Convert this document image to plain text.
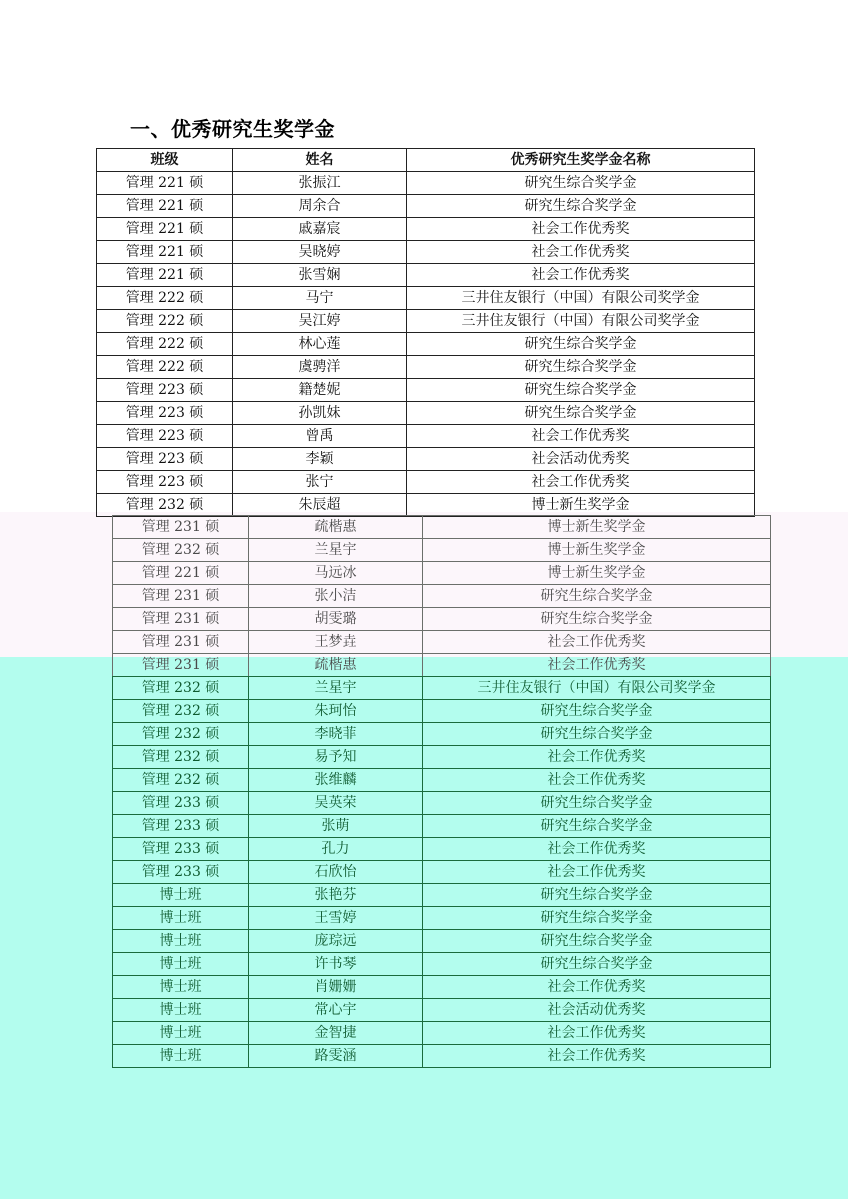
一、优秀研究生奖学金
班级	姓名	优秀研究生奖学金名称
管理 221 硕	张振江	研究生综合奖学金
管理 221 硕	周余合	研究生综合奖学金
管理 221 硕	戚嘉宸	社会工作优秀奖
管理 221 硕	吴晓婷	社会工作优秀奖
管理 221 硕	张雪娴	社会工作优秀奖
管理 222 硕	马宁	三井住友银行（中国）有限公司奖学金
管理 222 硕	吴江婷	三井住友银行（中国）有限公司奖学金
管理 222 硕	林心莲	研究生综合奖学金
管理 222 硕	虞骋洋	研究生综合奖学金
管理 223 硕	籍楚妮	研究生综合奖学金
管理 223 硕	孙凯妹	研究生综合奖学金
管理 223 硕	曾禹	社会工作优秀奖
管理 223 硕	李颖	社会活动优秀奖
管理 223 硕	张宁	社会工作优秀奖
管理 232 硕	朱辰超	博士新生奖学金
管理 231 硕	疏楷惠	博士新生奖学金
管理 232 硕	兰星宇	博士新生奖学金
管理 221 硕	马远冰	博士新生奖学金
管理 231 硕	张小洁	研究生综合奖学金
管理 231 硕	胡雯璐	研究生综合奖学金
管理 231 硕	王梦垚	社会工作优秀奖
管理 231 硕	疏楷惠	社会工作优秀奖
管理 232 硕	兰星宇	三井住友银行（中国）有限公司奖学金
管理 232 硕	朱珂怡	研究生综合奖学金
管理 232 硕	李晓菲	研究生综合奖学金
管理 232 硕	易予知	社会工作优秀奖
管理 232 硕	张维麟	社会工作优秀奖
管理 233 硕	吴英荣	研究生综合奖学金
管理 233 硕	张萌	研究生综合奖学金
管理 233 硕	孔力	社会工作优秀奖
管理 233 硕	石欣怡	社会工作优秀奖
博士班	张艳芬	研究生综合奖学金
博士班	王雪婷	研究生综合奖学金
博士班	庞琮远	研究生综合奖学金
博士班	许书琴	研究生综合奖学金
博士班	肖姗姗	社会工作优秀奖
博士班	常心宇	社会活动优秀奖
博士班	金智捷	社会工作优秀奖
博士班	路雯涵	社会工作优秀奖
